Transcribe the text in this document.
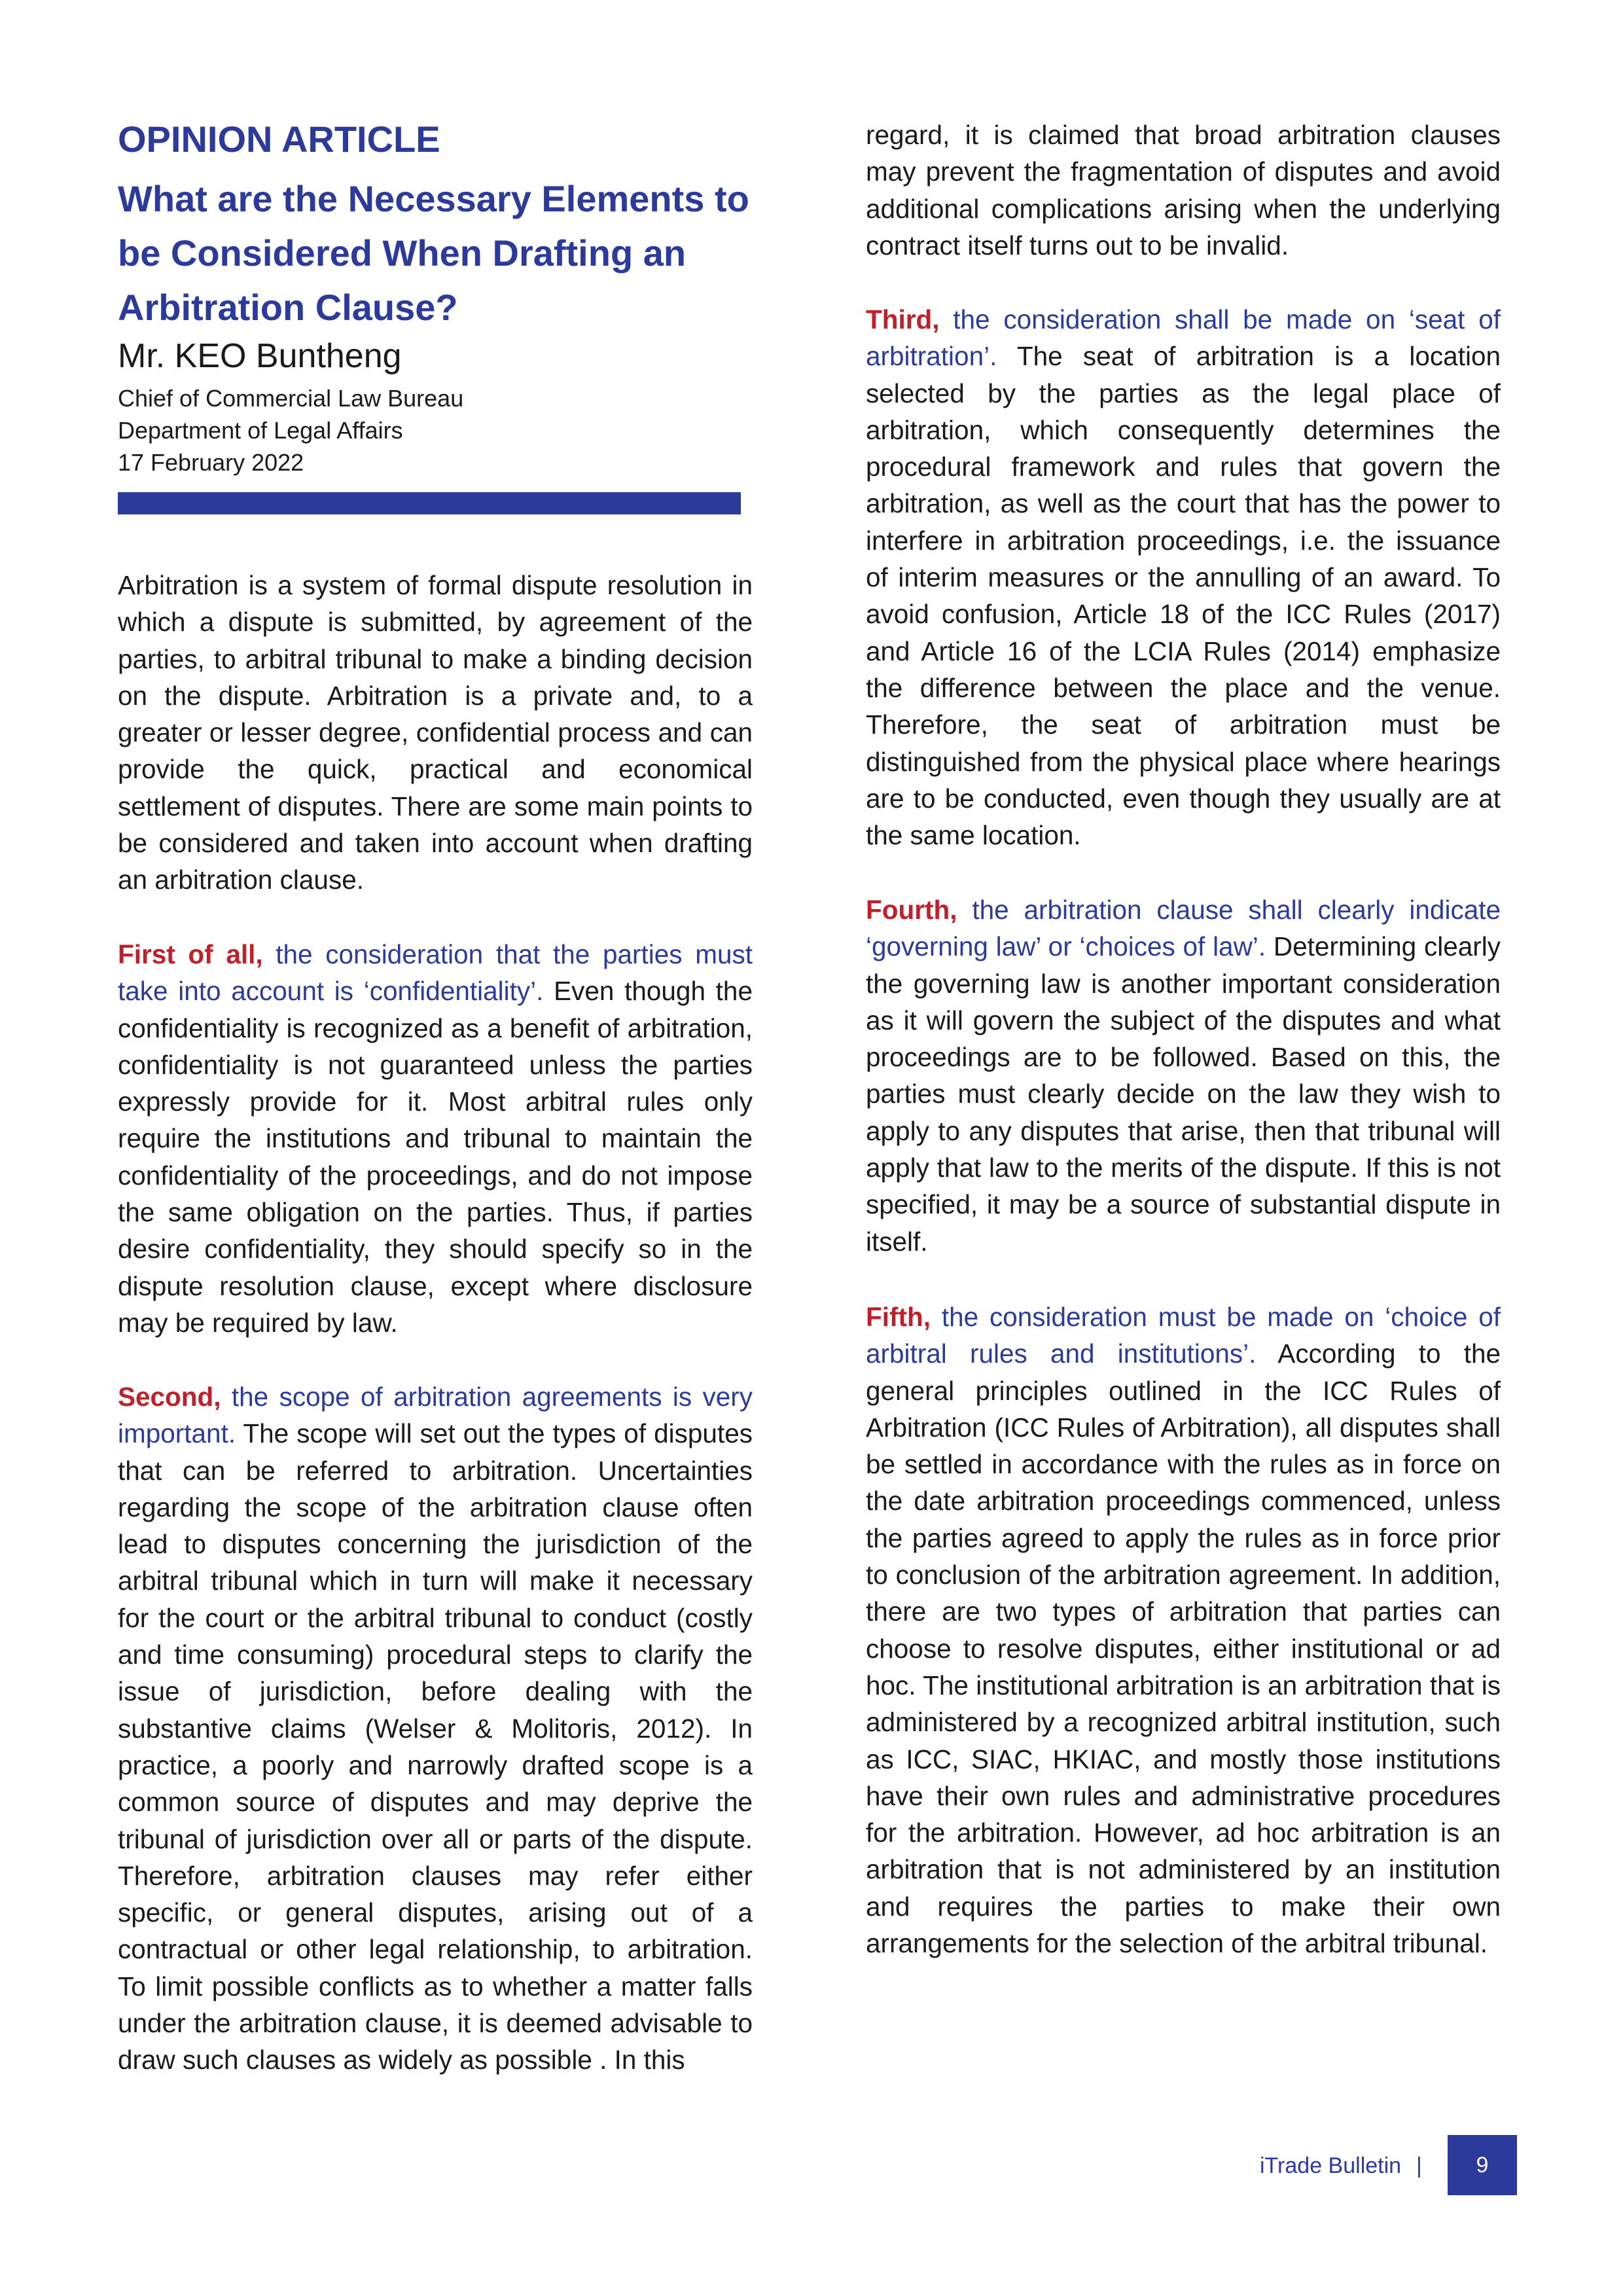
OPINION ARTICLE
What are the Necessary Elements to be Considered When Drafting an Arbitration Clause?
Mr. KEO Buntheng
Chief of Commercial Law Bureau
Department of Legal Affairs
17 February 2022

Arbitration is a system of formal dispute resolution in which a dispute is submitted, by agreement of the parties, to arbitral tribunal to make a binding decision on the dispute. Arbitration is a private and, to a greater or lesser degree, confidential process and can provide the quick, practical and economical settlement of disputes. There are some main points to be considered and taken into account when drafting an arbitration clause.

First of all, the consideration that the parties must take into account is ‘confidentiality’. Even though the confidentiality is recognized as a benefit of arbitration, confidentiality is not guaranteed unless the parties expressly provide for it. Most arbitral rules only require the institutions and tribunal to maintain the confidentiality of the proceedings, and do not impose the same obligation on the parties. Thus, if parties desire confidentiality, they should specify so in the dispute resolution clause, except where disclosure may be required by law.

Second, the scope of arbitration agreements is very important. The scope will set out the types of disputes that can be referred to arbitration. Uncertainties regarding the scope of the arbitration clause often lead to disputes concerning the jurisdiction of the arbitral tribunal which in turn will make it necessary for the court or the arbitral tribunal to conduct (costly and time consuming) procedural steps to clarify the issue of jurisdiction, before dealing with the substantive claims (Welser & Molitoris, 2012). In practice, a poorly and narrowly drafted scope is a common source of disputes and may deprive the tribunal of jurisdiction over all or parts of the dispute. Therefore, arbitration clauses may refer either specific, or general disputes, arising out of a contractual or other legal relationship, to arbitration. To limit possible conflicts as to whether a matter falls under the arbitration clause, it is deemed advisable to draw such clauses as widely as possible . In this

regard, it is claimed that broad arbitration clauses may prevent the fragmentation of disputes and avoid additional complications arising when the underlying contract itself turns out to be invalid.

Third, the consideration shall be made on ‘seat of arbitration’. The seat of arbitration is a location selected by the parties as the legal place of arbitration, which consequently determines the procedural framework and rules that govern the arbitration, as well as the court that has the power to interfere in arbitration proceedings, i.e. the issuance of interim measures or the annulling of an award. To avoid confusion, Article 18 of the ICC Rules (2017) and Article 16 of the LCIA Rules (2014) emphasize the difference between the place and the venue. Therefore, the seat of arbitration must be distinguished from the physical place where hearings are to be conducted, even though they usually are at the same location.

Fourth, the arbitration clause shall clearly indicate ‘governing law’ or ‘choices of law’. Determining clearly the governing law is another important consideration as it will govern the subject of the disputes and what proceedings are to be followed. Based on this, the parties must clearly decide on the law they wish to apply to any disputes that arise, then that tribunal will apply that law to the merits of the dispute. If this is not specified, it may be a source of substantial dispute in itself.

Fifth, the consideration must be made on ‘choice of arbitral rules and institutions’. According to the general principles outlined in the ICC Rules of Arbitration (ICC Rules of Arbitration), all disputes shall be settled in accordance with the rules as in force on the date arbitration proceedings commenced, unless the parties agreed to apply the rules as in force prior to conclusion of the arbitration agreement. In addition, there are two types of arbitration that parties can choose to resolve disputes, either institutional or ad hoc. The institutional arbitration is an arbitration that is administered by a recognized arbitral institution, such as ICC, SIAC, HKIAC, and mostly those institutions have their own rules and administrative procedures for the arbitration. However, ad hoc arbitration is an arbitration that is not administered by an institution and requires the parties to make their own arrangements for the selection of the arbitral tribunal.

iTrade Bulletin | 9
